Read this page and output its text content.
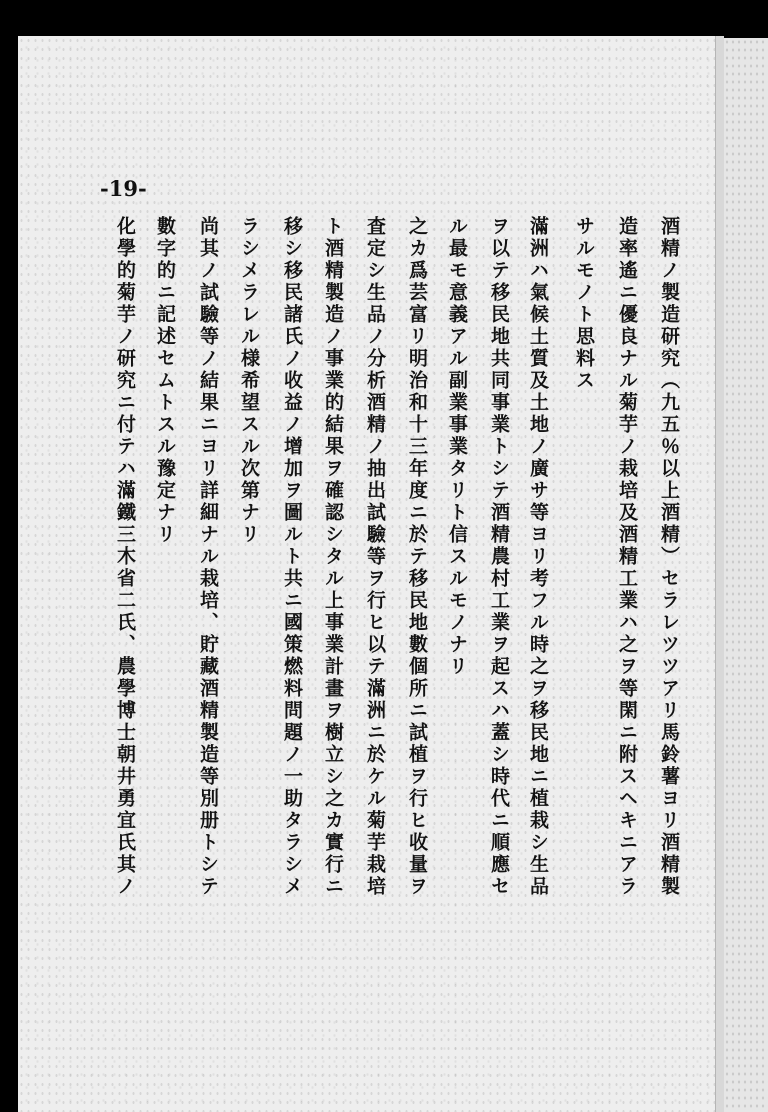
-19-

酒精ノ製造研究（九五％以上酒精）セラレツツアリ馬鈴薯ヨリ酒精製

造率遙ニ優良ナル菊芋ノ栽培及酒精工業ハ之ヲ等閑ニ附スヘキニアラ

サルモノト思料ス

滿洲ハ氣候土質及土地ノ廣サ等ヨリ考フル時之ヲ移民地ニ植栽シ生品

ヲ以テ移民地共同事業トシテ酒精農村工業ヲ起スハ蓋シ時代ニ順應セ

ル最モ意義アル副業事業タリト信スルモノナリ

之カ爲芸富リ明治和十三年度ニ於テ移民地數個所ニ試植ヲ行ヒ收量ヲ

査定シ生品ノ分析酒精ノ抽出試驗等ヲ行ヒ以テ滿洲ニ於ケル菊芋栽培

ト酒精製造ノ事業的結果ヲ確認シタル上事業計畫ヲ樹立シ之カ實行ニ

移シ移民諸氏ノ收益ノ增加ヲ圖ルト共ニ國策燃料問題ノ一助タラシメ

ラシメラレル様希望スル次第ナリ

尚其ノ試驗等ノ結果ニヨリ詳細ナル栽培、貯藏酒精製造等別册トシテ

數字的ニ記述セムトスル豫定ナリ

化學的菊芋ノ研究ニ付テハ滿鐵三木省二氏、農學博士朝井勇宜氏其ノ
